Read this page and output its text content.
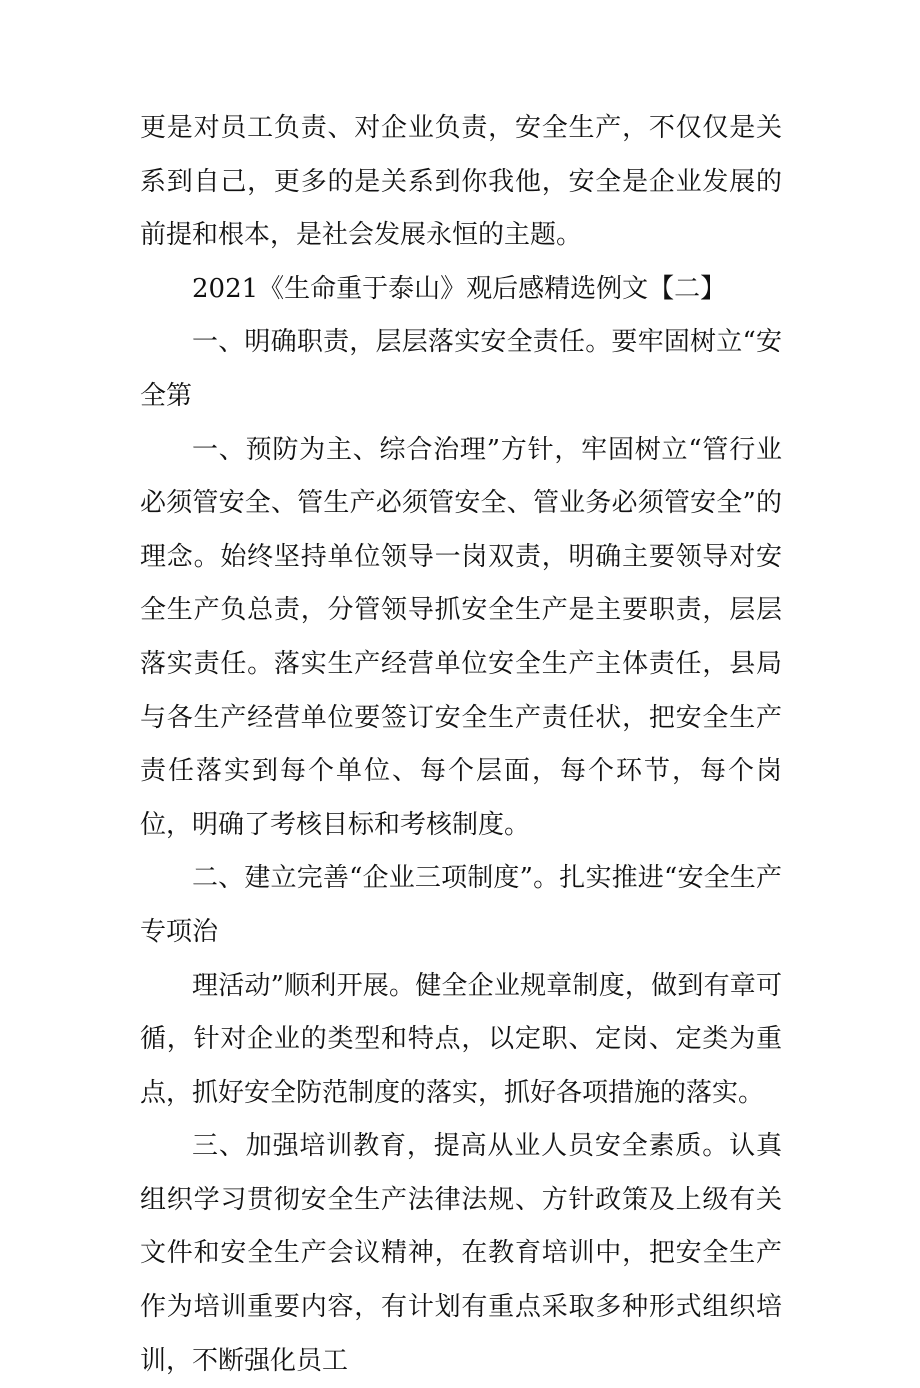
更是对员工负责、对企业负责，安全生产，不仅仅是关系到自己，更多的是关系到你我他，安全是企业发展的前提和根本，是社会发展永恒的主题。

2021《生命重于泰山》观后感精选例文【二】

一、明确职责，层层落实安全责任。要牢固树立“安全第

一、预防为主、综合治理”方针，牢固树立“管行业必须管安全、管生产必须管安全、管业务必须管安全”的理念。始终坚持单位领导一岗双责，明确主要领导对安全生产负总责，分管领导抓安全生产是主要职责，层层落实责任。落实生产经营单位安全生产主体责任，县局与各生产经营单位要签订安全生产责任状，把安全生产责任落实到每个单位、每个层面，每个环节，每个岗位，明确了考核目标和考核制度。

二、建立完善“企业三项制度”。扎实推进“安全生产专项治

理活动”顺利开展。健全企业规章制度，做到有章可循，针对企业的类型和特点，以定职、定岗、定类为重点，抓好安全防范制度的落实，抓好各项措施的落实。

三、加强培训教育，提高从业人员安全素质。认真组织学习贯彻安全生产法律法规、方针政策及上级有关文件和安全生产会议精神，在教育培训中，把安全生产作为培训重要内容，有计划有重点采取多种形式组织培训，不断强化员工
